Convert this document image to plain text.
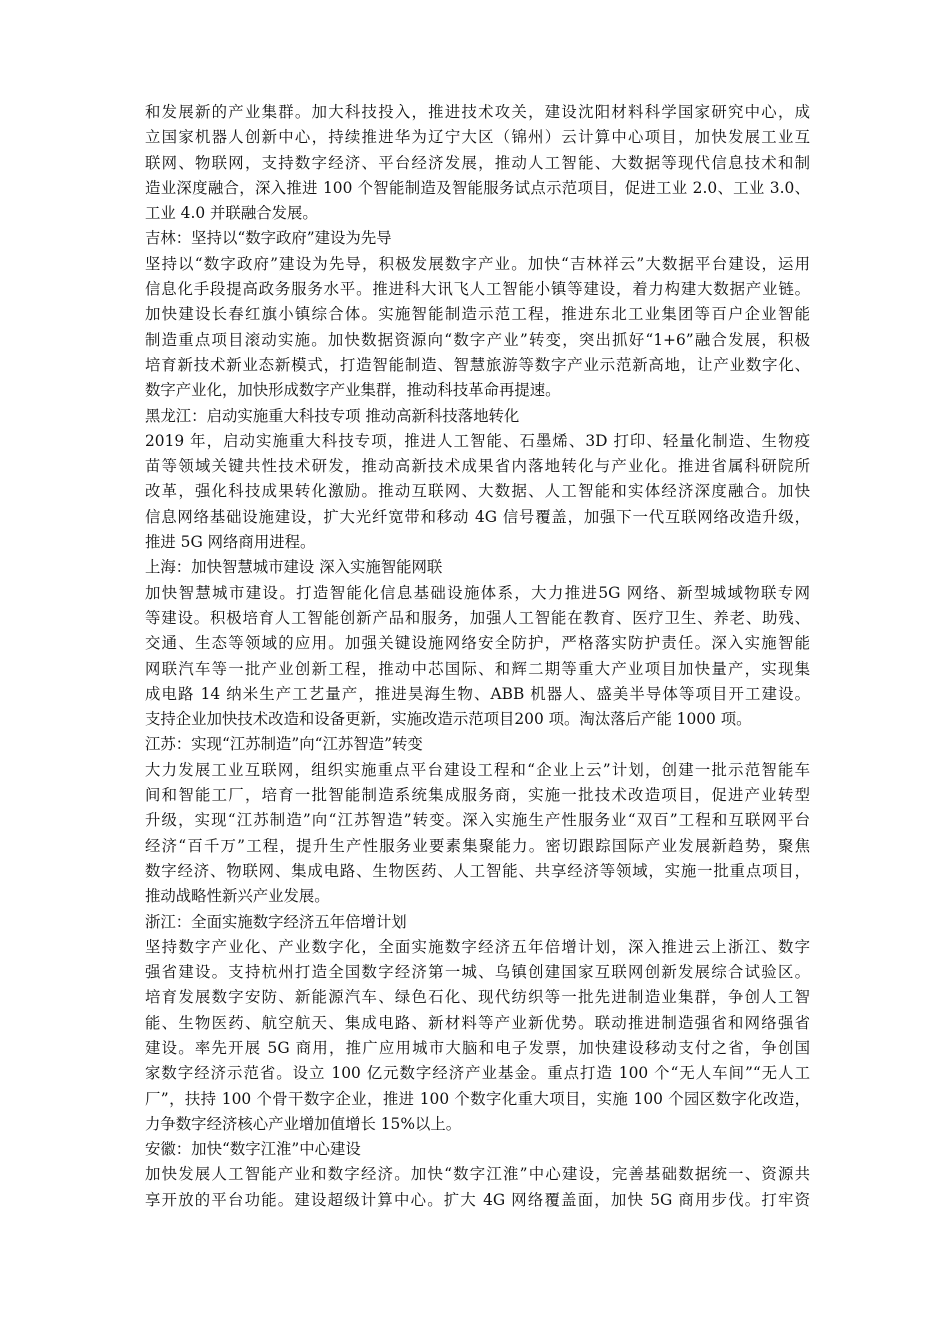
和发展新的产业集群。加大科技投入，推进技术攻关，建设沈阳材料科学国家研究中心，成
立国家机器人创新中心，持续推进华为辽宁大区（锦州）云计算中心项目，加快发展工业互
联网、物联网，支持数字经济、平台经济发展，推动人工智能、大数据等现代信息技术和制
造业深度融合，深入推进 100 个智能制造及智能服务试点示范项目，促进工业 2.0、工业 3.0、
工业 4.0 并联融合发展。
吉林：坚持以“数字政府”建设为先导
坚持以“数字政府”建设为先导，积极发展数字产业。加快“吉林祥云”大数据平台建设，运用
信息化手段提高政务服务水平。推进科大讯飞人工智能小镇等建设，着力构建大数据产业链。
加快建设长春红旗小镇综合体。实施智能制造示范工程，推进东北工业集团等百户企业智能
制造重点项目滚动实施。加快数据资源向“数字产业”转变，突出抓好“1+6”融合发展，积极
培育新技术新业态新模式，打造智能制造、智慧旅游等数字产业示范新高地，让产业数字化、
数字产业化，加快形成数字产业集群，推动科技革命再提速。
黑龙江：启动实施重大科技专项 推动高新科技落地转化
2019 年，启动实施重大科技专项，推进人工智能、石墨烯、3D 打印、轻量化制造、生物疫
苗等领域关键共性技术研发，推动高新技术成果省内落地转化与产业化。推进省属科研院所
改革，强化科技成果转化激励。推动互联网、大数据、人工智能和实体经济深度融合。加快
信息网络基础设施建设，扩大光纤宽带和移动 4G 信号覆盖，加强下一代互联网络改造升级，
推进 5G 网络商用进程。
上海：加快智慧城市建设 深入实施智能网联
加快智慧城市建设。打造智能化信息基础设施体系，大力推进5G 网络、新型城域物联专网
等建设。积极培育人工智能创新产品和服务，加强人工智能在教育、医疗卫生、养老、助残、
交通、生态等领域的应用。加强关键设施网络安全防护，严格落实防护责任。深入实施智能
网联汽车等一批产业创新工程，推动中芯国际、和辉二期等重大产业项目加快量产，实现集
成电路 14 纳米生产工艺量产，推进昊海生物、ABB 机器人、盛美半导体等项目开工建设。
支持企业加快技术改造和设备更新，实施改造示范项目200 项。淘汰落后产能 1000 项。
江苏：实现“江苏制造”向“江苏智造”转变
大力发展工业互联网，组织实施重点平台建设工程和“企业上云”计划，创建一批示范智能车
间和智能工厂，培育一批智能制造系统集成服务商，实施一批技术改造项目，促进产业转型
升级，实现“江苏制造”向“江苏智造”转变。深入实施生产性服务业“双百”工程和互联网平台
经济“百千万”工程，提升生产性服务业要素集聚能力。密切跟踪国际产业发展新趋势，聚焦
数字经济、物联网、集成电路、生物医药、人工智能、共享经济等领域，实施一批重点项目，
推动战略性新兴产业发展。
浙江：全面实施数字经济五年倍增计划
坚持数字产业化、产业数字化，全面实施数字经济五年倍增计划，深入推进云上浙江、数字
强省建设。支持杭州打造全国数字经济第一城、乌镇创建国家互联网创新发展综合试验区。
培育发展数字安防、新能源汽车、绿色石化、现代纺织等一批先进制造业集群，争创人工智
能、生物医药、航空航天、集成电路、新材料等产业新优势。联动推进制造强省和网络强省
建设。率先开展 5G 商用，推广应用城市大脑和电子发票，加快建设移动支付之省，争创国
家数字经济示范省。设立 100 亿元数字经济产业基金。重点打造 100 个“无人车间”“无人工
厂”，扶持 100 个骨干数字企业，推进 100 个数字化重大项目，实施 100 个园区数字化改造，
力争数字经济核心产业增加值增长 15%以上。
安徽：加快“数字江淮”中心建设
加快发展人工智能产业和数字经济。加快“数字江淮”中心建设，完善基础数据统一、资源共
享开放的平台功能。建设超级计算中心。扩大 4G 网络覆盖面，加快 5G 商用步伐。打牢资
